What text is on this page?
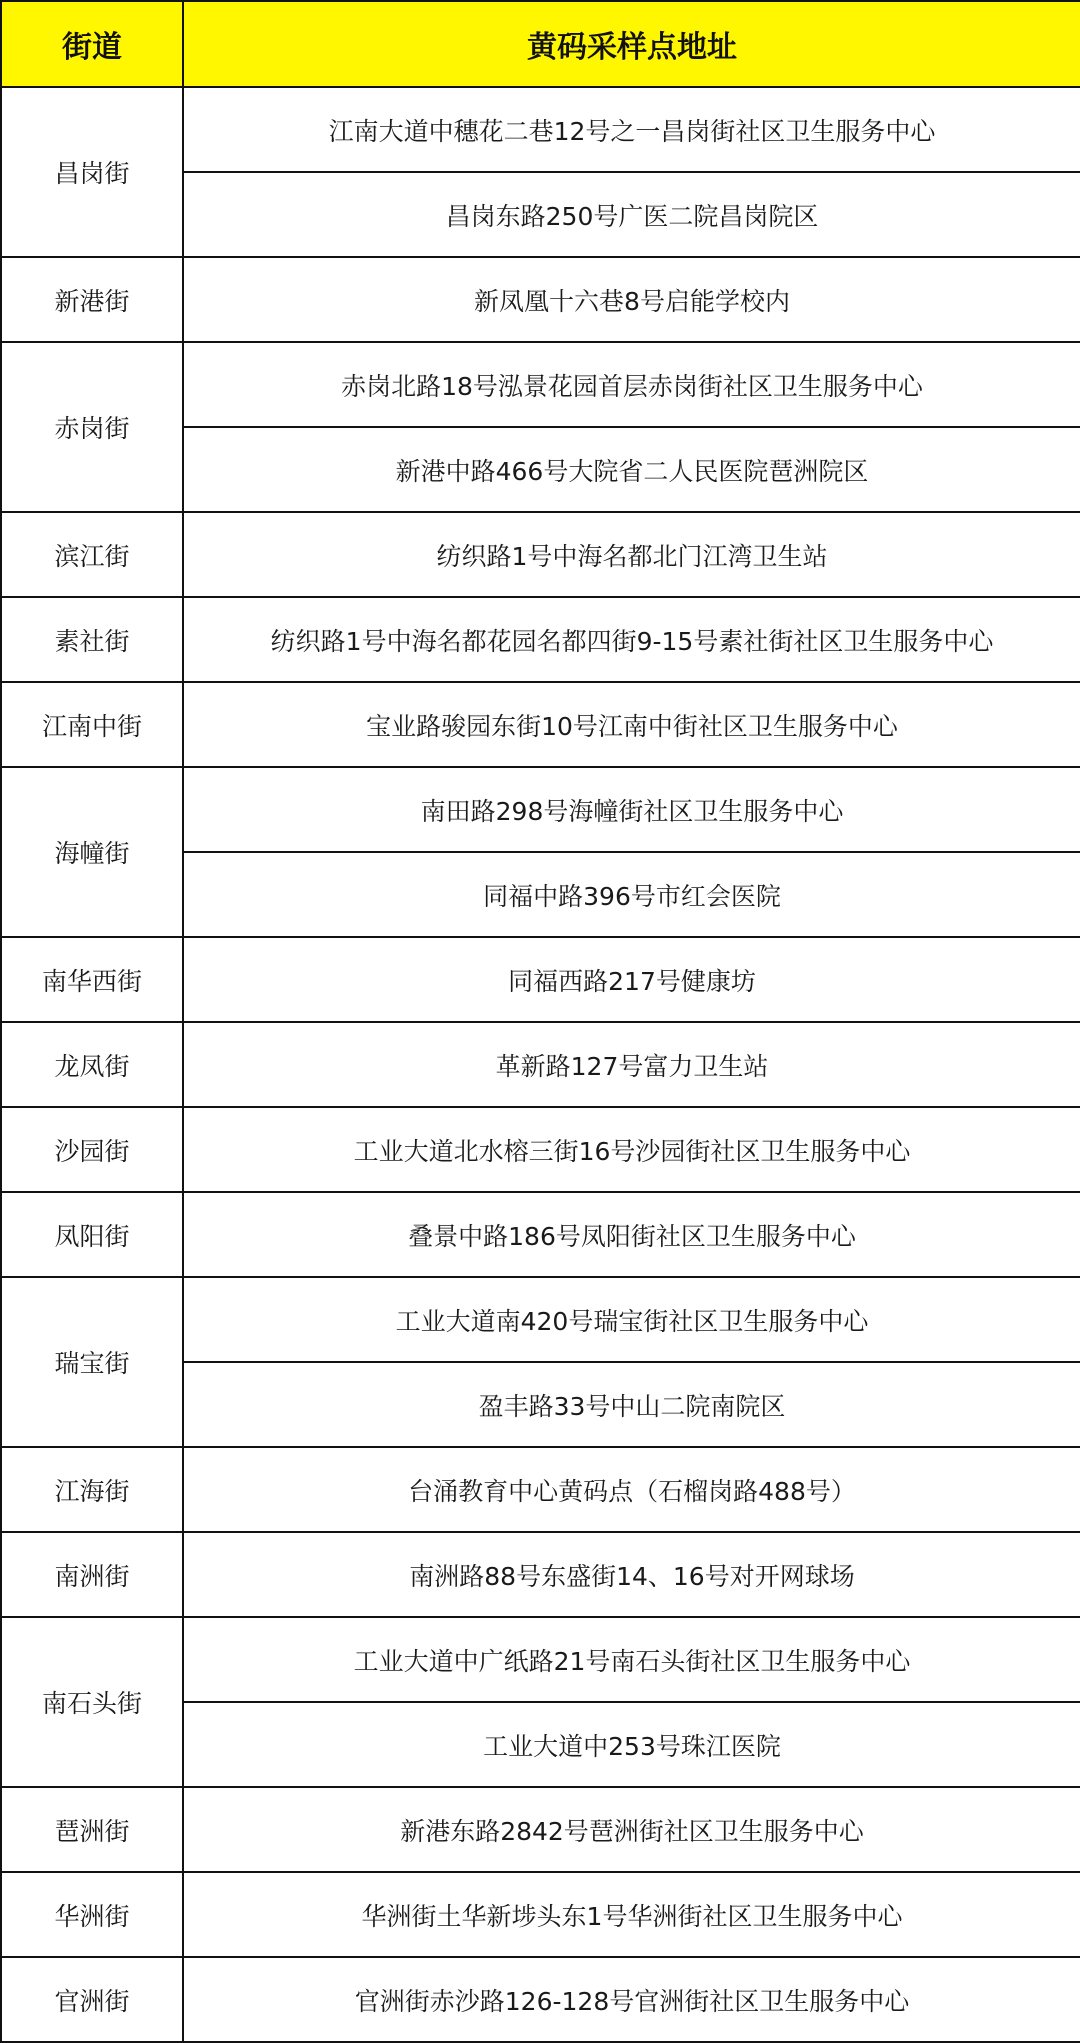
街道	黄码采样点地址
昌岗街	江南大道中穗花二巷12号之一昌岗街社区卫生服务中心
	昌岗东路250号广医二院昌岗院区
新港街	新凤凰十六巷8号启能学校内
赤岗街	赤岗北路18号泓景花园首层赤岗街社区卫生服务中心
	新港中路466号大院省二人民医院琶洲院区
滨江街	纺织路1号中海名都北门江湾卫生站
素社街	纺织路1号中海名都花园名都四街9-15号素社街社区卫生服务中心
江南中街	宝业路骏园东街10号江南中街社区卫生服务中心
海幢街	南田路298号海幢街社区卫生服务中心
	同福中路396号市红会医院
南华西街	同福西路217号健康坊
龙凤街	革新路127号富力卫生站
沙园街	工业大道北水榕三街16号沙园街社区卫生服务中心
凤阳街	叠景中路186号凤阳街社区卫生服务中心
瑞宝街	工业大道南420号瑞宝街社区卫生服务中心
	盈丰路33号中山二院南院区
江海街	台涌教育中心黄码点（石榴岗路488号）
南洲街	南洲路88号东盛街14、16号对开网球场
南石头街	工业大道中广纸路21号南石头街社区卫生服务中心
	工业大道中253号珠江医院
琶洲街	新港东路2842号琶洲街社区卫生服务中心
华洲街	华洲街土华新埗头东1号华洲街社区卫生服务中心
官洲街	官洲街赤沙路126-128号官洲街社区卫生服务中心
